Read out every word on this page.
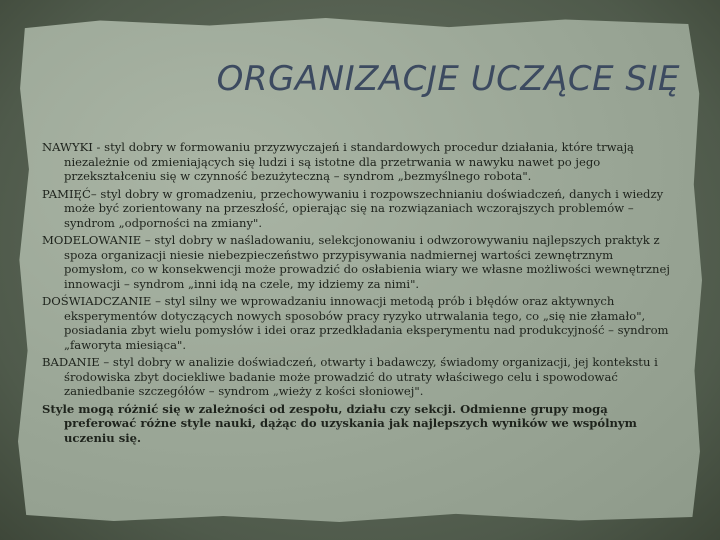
ORGANIZACJE UCZĄCE SIĘ

NAWYKI - styl dobry w formowaniu przyzwyczajeń i standardowych procedur działania, które trwają niezależnie od zmieniających się ludzi i są istotne dla przetrwania w nawyku nawet po jego przekształceniu się w czynność bezużyteczną – syndrom „bezmyślnego robota".

PAMIĘĆ– styl dobry w gromadzeniu, przechowywaniu i rozpowszechnianiu doświadczeń, danych i wiedzy może być zorientowany na przeszłość, opierając się na rozwiązaniach wczorajszych problemów – syndrom „odporności na zmiany".

MODELOWANIE – styl dobry w naśladowaniu, selekcjonowaniu i odwzorowywaniu najlepszych praktyk z spoza organizacji niesie niebezpieczeństwo przypisywania nadmiernej wartości zewnętrznym pomysłom, co w konsekwencji może prowadzić do osłabienia wiary we własne możliwości wewnętrznej innowacji – syndrom „inni idą na czele, my idziemy za nimi".

DOŚWIADCZANIE – styl silny we wprowadzaniu innowacji metodą prób i błędów oraz aktywnych eksperymentów dotyczących nowych sposobów pracy ryzyko utrwalania tego, co „się nie złamało", posiadania zbyt wielu pomysłów i idei oraz przedkładania eksperymentu nad produkcyjność – syndrom „faworyta miesiąca".

BADANIE – styl dobry w analizie doświadczeń, otwarty i badawczy, świadomy organizacji, jej kontekstu i środowiska zbyt dociekliwe badanie może prowadzić do utraty właściwego celu i spowodować zaniedbanie szczegółów – syndrom „wieży z kości słoniowej".

Style mogą różnić się w zależności od zespołu, działu czy sekcji. Odmienne grupy mogą preferować różne style nauki, dążąc do uzyskania jak najlepszych wyników we wspólnym uczeniu się.
